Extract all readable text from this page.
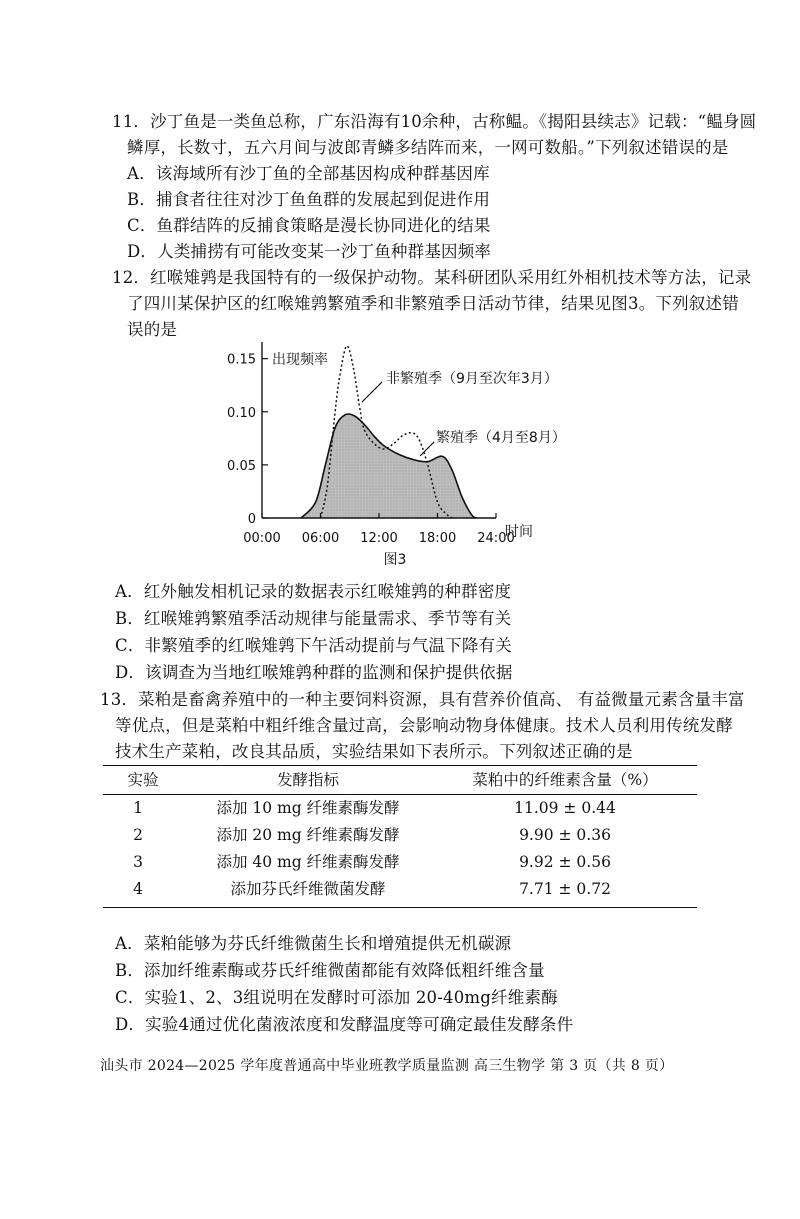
11．沙丁鱼是一类鱼总称，广东沿海有10余种，古称鳁。《揭阳县续志》记载：“鳁身圆
鳞厚，长数寸，五六月间与波郎青鳞多结阵而来，一网可数船。”下列叙述错误的是
A．该海域所有沙丁鱼的全部基因构成种群基因库
B．捕食者往往对沙丁鱼鱼群的发展起到促进作用
C．鱼群结阵的反捕食策略是漫长协同进化的结果
D．人类捕捞有可能改变某一沙丁鱼种群基因频率
12．红喉雉鹑是我国特有的一级保护动物。某科研团队采用红外相机技术等方法，记录
了四川某保护区的红喉雉鹑繁殖季和非繁殖季日活动节律，结果见图3。下列叙述错
误的是
0.15
0.10
0.05
0
00:00 06:00 12:00 18:00 24:00
出现频率
时间
图3
非繁殖季（9月至次年3月）
繁殖季（4月至8月）
A．红外触发相机记录的数据表示红喉雉鹑的种群密度
B．红喉雉鹑繁殖季活动规律与能量需求、季节等有关
C．非繁殖季的红喉雉鹑下午活动提前与气温下降有关
D．该调查为当地红喉雉鹑种群的监测和保护提供依据
13．菜粕是畜禽养殖中的一种主要饲料资源，具有营养价值高、 有益微量元素含量丰富
等优点，但是菜粕中粗纤维含量过高，会影响动物身体健康。技术人员利用传统发酵
技术生产菜粕，改良其品质，实验结果如下表所示。下列叙述正确的是
实验	发酵指标	菜粕中的纤维素含量（%）
1	添加 10 mg 纤维素酶发酵	11.09 ± 0.44
2	添加 20 mg 纤维素酶发酵	9.90 ± 0.36
3	添加 40 mg 纤维素酶发酵	9.92 ± 0.56
4	添加芬氏纤维微菌发酵	7.71 ± 0.72
A．菜粕能够为芬氏纤维微菌生长和增殖提供无机碳源
B．添加纤维素酶或芬氏纤维微菌都能有效降低粗纤维含量
C．实验1、2、3组说明在发酵时可添加 20-40mg纤维素酶
D．实验4通过优化菌液浓度和发酵温度等可确定最佳发酵条件
汕头市 2024—2025 学年度普通高中毕业班教学质量监测 高三生物学 第 3 页（共 8 页）
